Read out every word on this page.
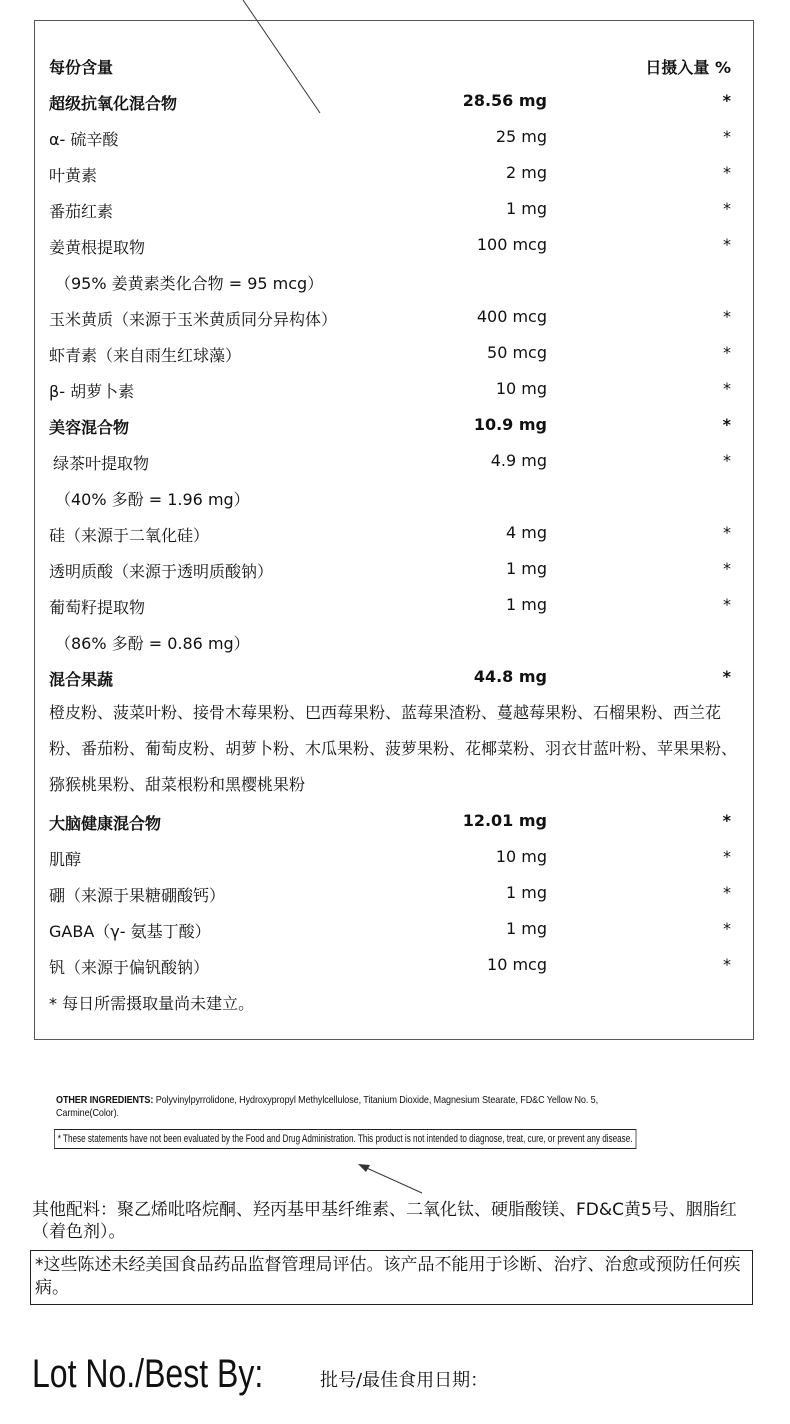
每份含量	日摄入量 %
超级抗氧化混合物	28.56 mg	*
α- 硫辛酸	25 mg	*
叶黄素	2 mg	*
番茄红素	1 mg	*
姜黄根提取物	100 mcg	*
（95% 姜黄素类化合物 = 95 mcg）
玉米黄质（来源于玉米黄质同分异构体）	400 mcg	*
虾青素（来自雨生红球藻）	50 mcg	*
β- 胡萝卜素	10 mg	*
美容混合物	10.9 mg	*
绿茶叶提取物	4.9 mg	*
（40% 多酚 = 1.96 mg）
硅（来源于二氧化硅）	4 mg	*
透明质酸（来源于透明质酸钠）	1 mg	*
葡萄籽提取物	1 mg	*
（86% 多酚 = 0.86 mg）
混合果蔬	44.8 mg	*
橙皮粉、菠菜叶粉、接骨木莓果粉、巴西莓果粉、蓝莓果渣粉、蔓越莓果粉、石榴果粉、西兰花粉、番茄粉、葡萄皮粉、胡萝卜粉、木瓜果粉、菠萝果粉、花椰菜粉、羽衣甘蓝叶粉、苹果果粉、猕猴桃果粉、甜菜根粉和黑樱桃果粉
大脑健康混合物	12.01 mg	*
肌醇	10 mg	*
硼（来源于果糖硼酸钙）	1 mg	*
GABA（γ- 氨基丁酸）	1 mg	*
钒（来源于偏钒酸钠）	10 mcg	*
* 每日所需摄取量尚未建立。
OTHER INGREDIENTS: Polyvinylpyrrolidone, Hydroxypropyl Methylcellulose, Titanium Dioxide, Magnesium Stearate, FD&C Yellow No. 5, Carmine(Color).
* These statements have not been evaluated by the Food and Drug Administration. This product is not intended to diagnose, treat, cure, or prevent any disease.
其他配料：聚乙烯吡咯烷酮、羟丙基甲基纤维素、二氧化钛、硬脂酸镁、FD&C黄5号、胭脂红（着色剂）。
*这些陈述未经美国食品药品监督管理局评估。该产品不能用于诊断、治疗、治愈或预防任何疾病。
Lot No./Best By:	批号/最佳食用日期：
